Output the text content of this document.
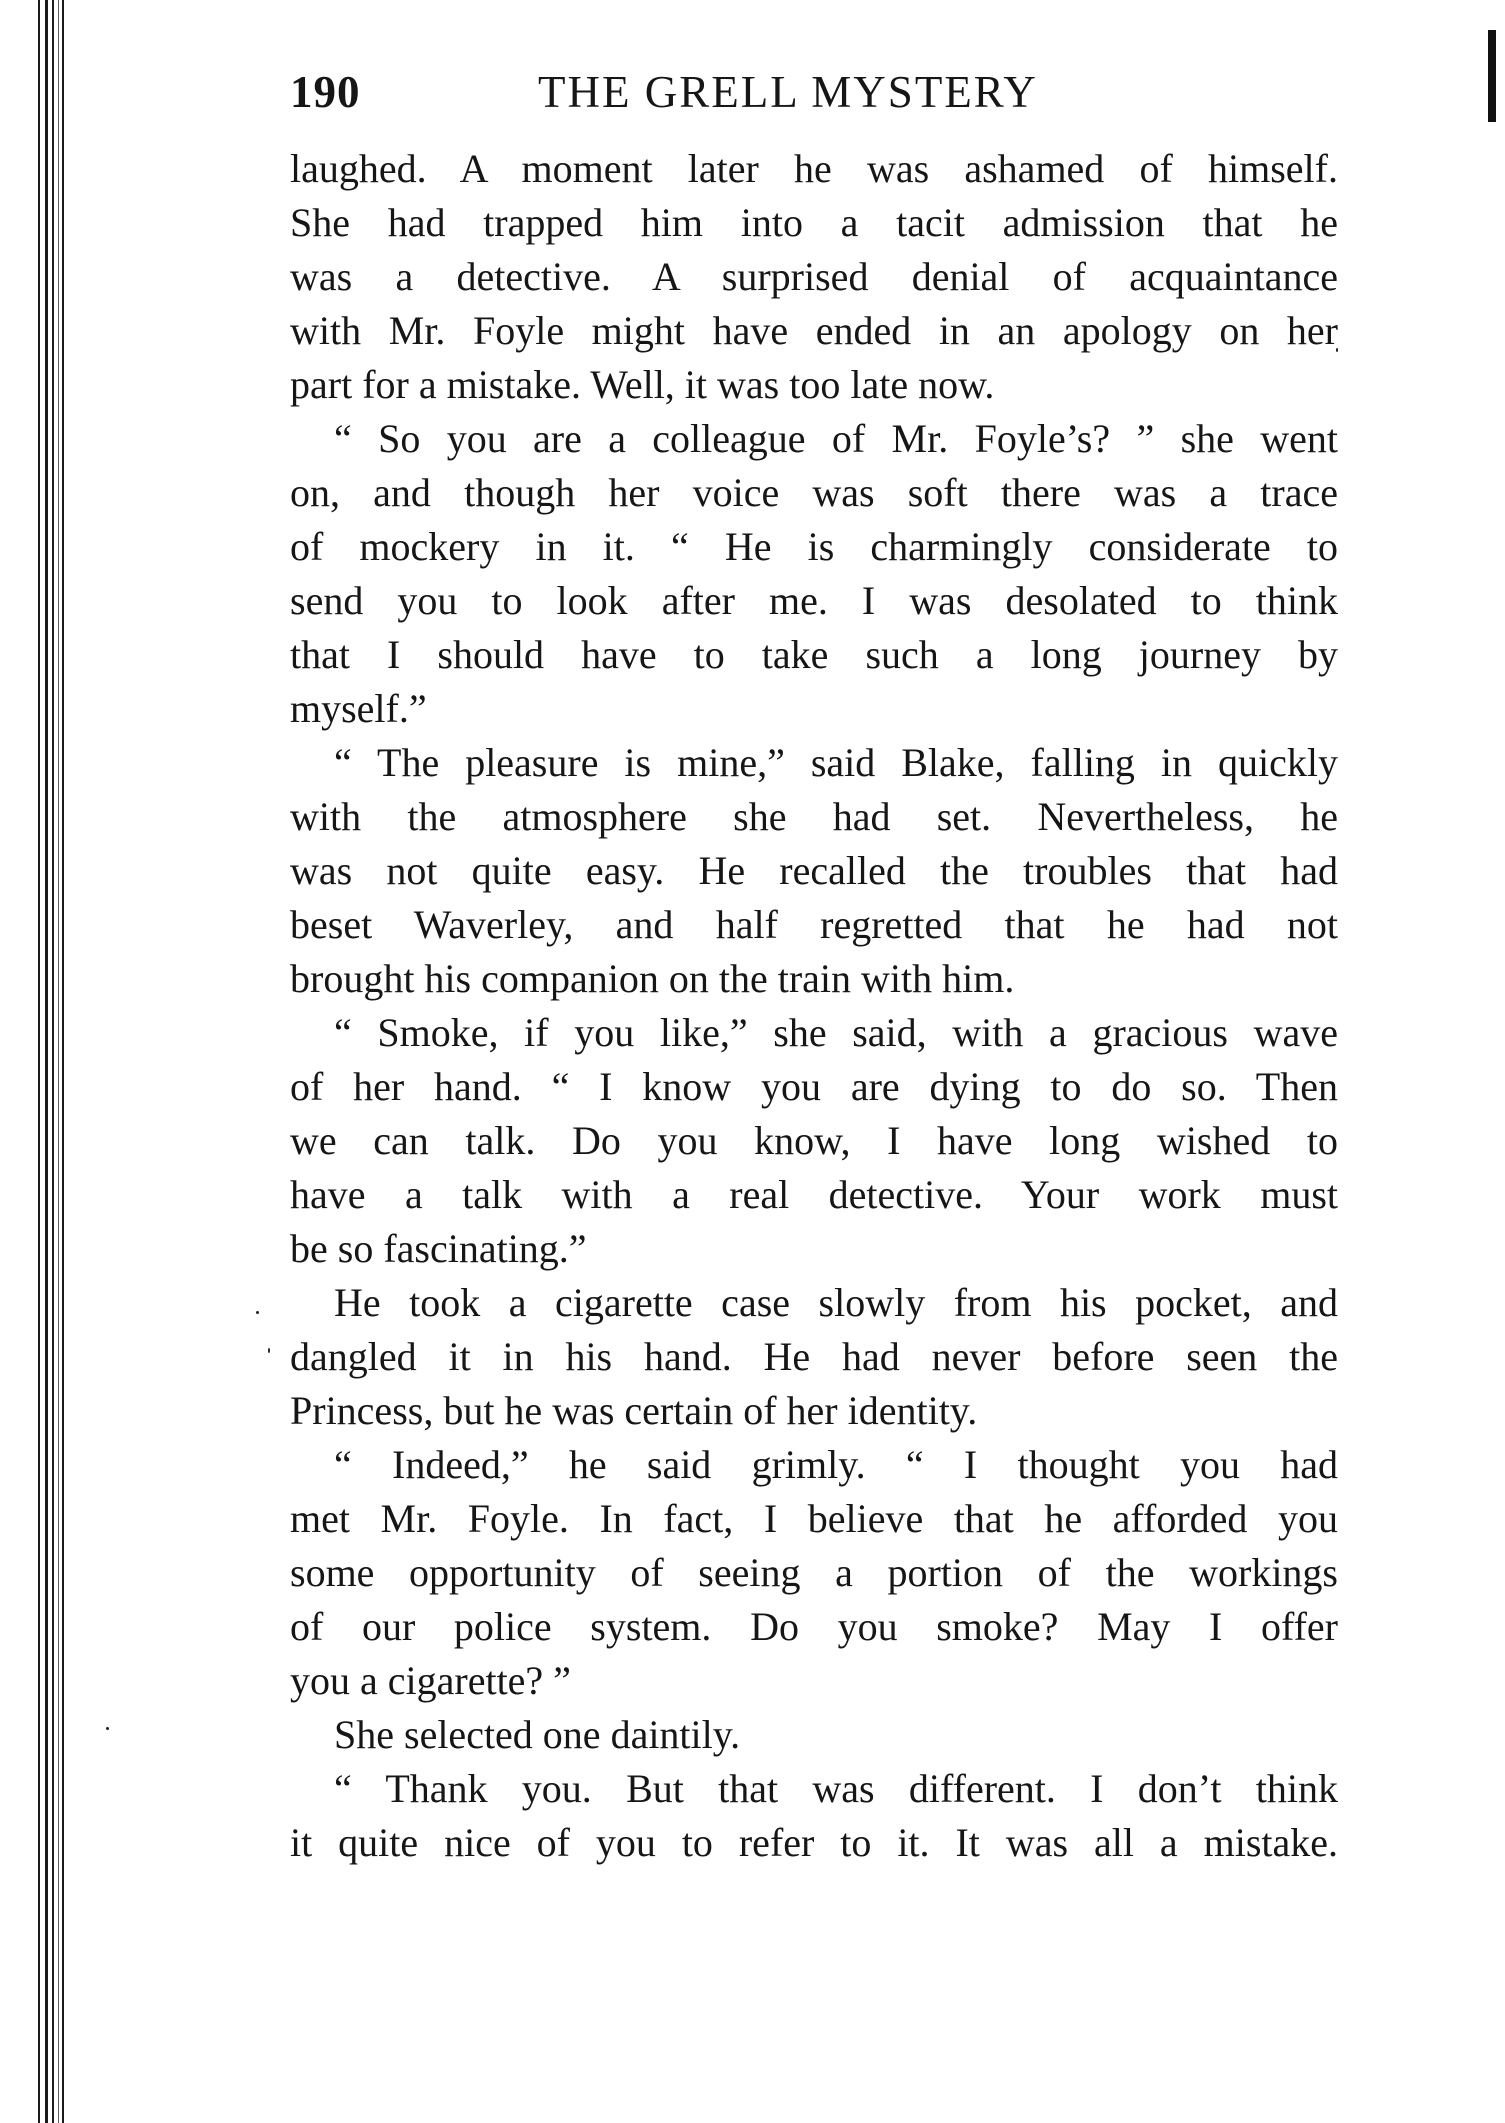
190	THE GRELL MYSTERY
laughed. A moment later he was ashamed of himself.
She had trapped him into a tacit admission that he
was a detective. A surprised denial of acquaintance
with Mr. Foyle might have ended in an apology on her
part for a mistake. Well, it was too late now.
“ So you are a colleague of Mr. Foyle’s? ” she went
on, and though her voice was soft there was a trace
of mockery in it. “ He is charmingly considerate to
send you to look after me. I was desolated to think
that I should have to take such a long journey by
myself.”
“ The pleasure is mine,” said Blake, falling in quickly
with the atmosphere she had set. Nevertheless, he
was not quite easy. He recalled the troubles that had
beset Waverley, and half regretted that he had not
brought his companion on the train with him.
“ Smoke, if you like,” she said, with a gracious wave
of her hand. “ I know you are dying to do so. Then
we can talk. Do you know, I have long wished to
have a talk with a real detective. Your work must
be so fascinating.”
He took a cigarette case slowly from his pocket, and
dangled it in his hand. He had never before seen the
Princess, but he was certain of her identity.
“ Indeed,” he said grimly. “ I thought you had
met Mr. Foyle. In fact, I believe that he afforded you
some opportunity of seeing a portion of the workings
of our police system. Do you smoke? May I offer
you a cigarette? ”
She selected one daintily.
“ Thank you. But that was different. I don’t think
it quite nice of you to refer to it. It was all a mistake.
